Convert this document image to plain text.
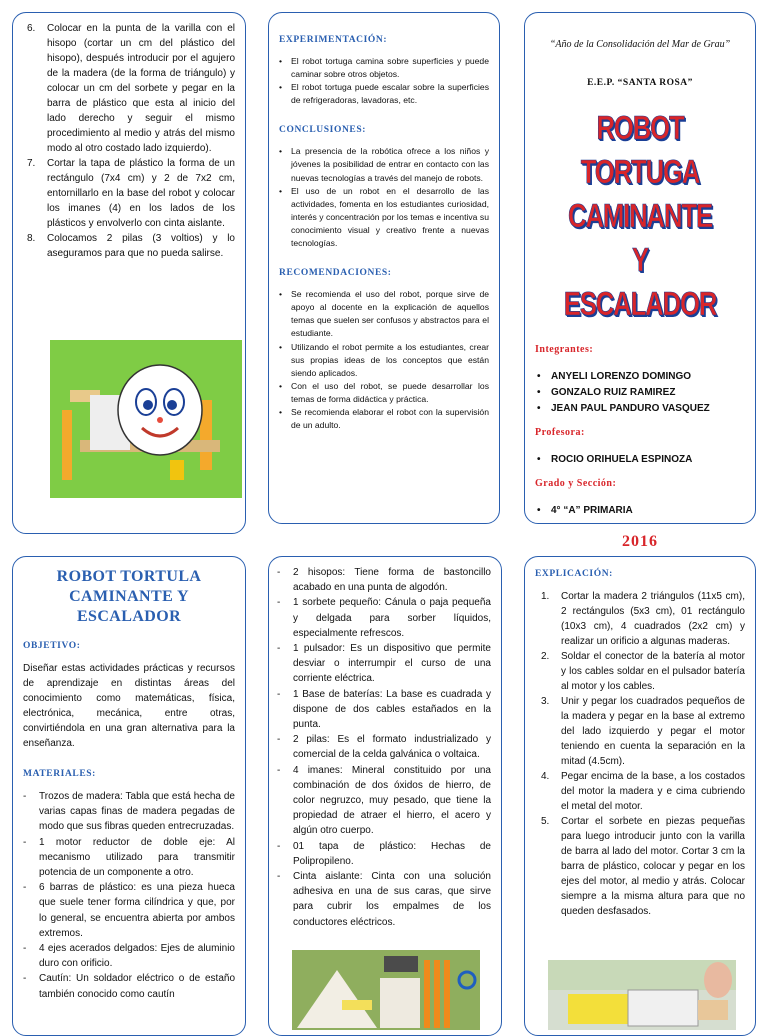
6.	Colocar en la punta de la varilla con el hisopo (cortar un cm del plástico del hisopo), después introducir por el agujero de la madera (de la forma de triángulo) y colocar un cm del sorbete y pegar en la barra de plástico que esta al inicio del lado derecho y seguir el mismo procedimiento al medio y atrás del mismo modo al otro costado lado izquierdo).
7.	Cortar la tapa de plástico la forma de un rectángulo (7x4 cm) y 2 de 7x2 cm, entornillarlo en la base del robot y colocar los imanes (4) en los lados de los plásticos y envolverlo con cinta aislante.
8.	Colocamos 2 pilas (3 voltios) y lo aseguramos para que no pueda salirse.
EXPERIMENTACIÓN:
•	El robot tortuga camina sobre superficies y puede caminar sobre otros objetos.
•	El robot tortuga puede escalar sobre la superficies de refrigeradoras, lavadoras, etc.
CONCLUSIONES:
•	La presencia de la robótica ofrece a los niños y jóvenes la posibilidad de entrar en contacto con las nuevas tecnologías a través del manejo de robots.
•	El uso de un robot en el desarrollo de las actividades, fomenta en los estudiantes curiosidad, interés y concentración por los temas e incentiva su conocimiento visual y creativo frente a nuevas tecnologías.
RECOMENDACIONES:
•	Se recomienda el uso del robot, porque sirve de apoyo al docente en la explicación de aquellos temas que suelen ser confusos y abstractos para el estudiante.
•	Utilizando el robot permite a los estudiantes, crear sus propias ideas de los conceptos que están siendo aplicados.
•	Con el uso del robot, se puede desarrollar los temas de forma didáctica y práctica.
•	Se recomienda elaborar el robot con la supervisión de un adulto.
“Año de la Consolidación del Mar de Grau”
E.E.P. “SANTA ROSA”
ROBOT TORTUGA
CAMINANTE Y
ESCALADOR
Integrantes:
•	ANYELI LORENZO DOMINGO
•	GONZALO RUIZ RAMIREZ
•	JEAN PAUL PANDURO VASQUEZ
Profesora:
•	ROCIO ORIHUELA ESPINOZA
Grado y Sección:
•	4° “A” PRIMARIA
2016
ROBOT TORTULA
CAMINANTE Y
ESCALADOR
OBJETIVO:

Diseñar estas actividades prácticas y recursos de aprendizaje en distintas áreas del conocimiento como matemáticas, física, electrónica, mecánica, entre otras, convirtiéndola en una gran alternativa para la enseñanza.

MATERIALES:
-	Trozos de madera: Tabla que está hecha de varias capas finas de madera pegadas de modo que sus fibras queden entrecruzadas.
-	1 motor reductor de doble eje: Al mecanismo utilizado para transmitir potencia de un componente a otro.
-	6 barras de plástico: es una pieza hueca que suele tener forma cilíndrica y que, por lo general, se encuentra abierta por ambos extremos.
-	4 ejes acerados delgados: Ejes de aluminio duro con orificio.
-	Cautín: Un soldador eléctrico o de estaño también conocido como cautín
-	2 hisopos: Tiene forma de bastoncillo acabado en una punta de algodón.
-	1 sorbete pequeño: Cánula o paja pequeña y delgada para sorber líquidos, especialmente refrescos.
-	1 pulsador: Es un dispositivo que permite desviar o interrumpir el curso de una corriente eléctrica.
-	1 Base de baterías: La base es cuadrada y dispone de dos cables estañados en la punta.
-	2 pilas: Es el formato industrializado y comercial de la celda galvánica o voltaica.
-	4 imanes: Mineral constituido por una combinación de dos óxidos de hierro, de color negruzco, muy pesado, que tiene la propiedad de atraer el hierro, el acero y algún otro cuerpo.
-	01 tapa de plástico: Hechas de Polipropileno.
-	Cinta aislante: Cinta con una solución adhesiva en una de sus caras, que sirve para cubrir los empalmes de los conductores eléctricos.
EXPLICACIÓN:
1.	Cortar la madera 2 triángulos (11x5 cm), 2 rectángulos (5x3 cm), 01 rectángulo (10x3 cm), 4 cuadrados (2x2 cm) y realizar un orificio a algunas maderas.
2.	Soldar el conector de la batería al motor y los cables soldar en el pulsador batería al motor y los cables.
3.	Unir y pegar los cuadrados pequeños de la madera y pegar en la base al extremo del lado izquierdo y pegar el motor teniendo en cuenta la separación en la mitad (4.5cm).
4.	Pegar encima de la base, a los costados del motor la madera y e cima cubriendo el metal del motor.
5.	Cortar el sorbete en piezas pequeñas para luego introducir junto con la varilla de barra al lado del motor. Cortar 3 cm la barra de plástico, colocar y pegar en los ejes del motor, al medio y atrás. Colocar siempre a la misma altura para que no queden desfasados.
